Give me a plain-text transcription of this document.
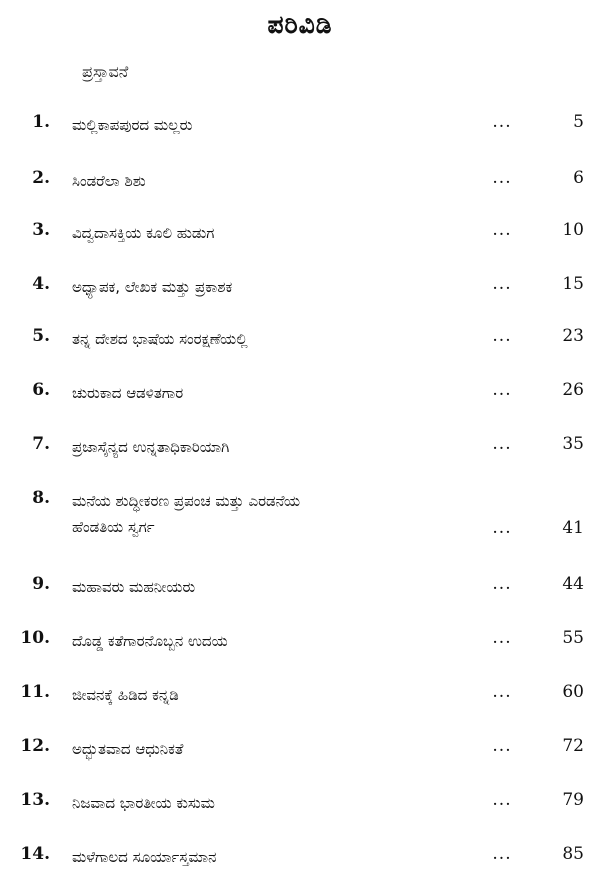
ಪರಿವಿಡಿ
ಪ್ರಸ್ತಾವನೆ
1. ಮಲ್ಲಿಕಾಪಪುರದ ಮಲ್ಲರು	...	5
2. ಸಿಂಡರೆಲಾ ಶಿಶು	...	6
3. ವಿದ್ವದಾಸಕ್ತಿಯ ಕೂಲಿ ಹುಡುಗ	...	10
4. ಅಧ್ಯಾಪಕ, ಲೇಖಕ ಮತ್ತು ಪ್ರಕಾಶಕ	...	15
5. ತನ್ನ ದೇಶದ ಭಾಷೆಯ ಸಂರಕ್ಷಣೆಯಲ್ಲಿ	...	23
6. ಚುರುಕಾದ ಆಡಳಿತಗಾರ	...	26
7. ಪ್ರಜಾಸೈನ್ಯದ ಉನ್ನತಾಧಿಕಾರಿಯಾಗಿ	...	35
8. ಮನೆಯ ಶುದ್ಧೀಕರಣ ಪ್ರಪಂಚ ಮತ್ತು ಎರಡನೆಯ
ಹೆಂಡತಿಯ ಸ್ವರ್ಗ	...	41
9. ಮಹಾವರು ಮಹನೀಯರು	...	44
10. ದೊಡ್ಡ ಕತೆಗಾರನೊಬ್ಬನ ಉದಯ	...	55
11. ಜೀವನಕ್ಕೆ ಹಿಡಿದ ಕನ್ನಡಿ	...	60
12. ಅದ್ಭುತವಾದ ಆಧುನಿಕತೆ	...	72
13. ನಿಜವಾದ ಭಾರತೀಯ ಕುಸುಮ	...	79
14. ಮಳೆಗಾಲದ ಸೂರ್ಯಾಸ್ತಮಾನ	...	85
